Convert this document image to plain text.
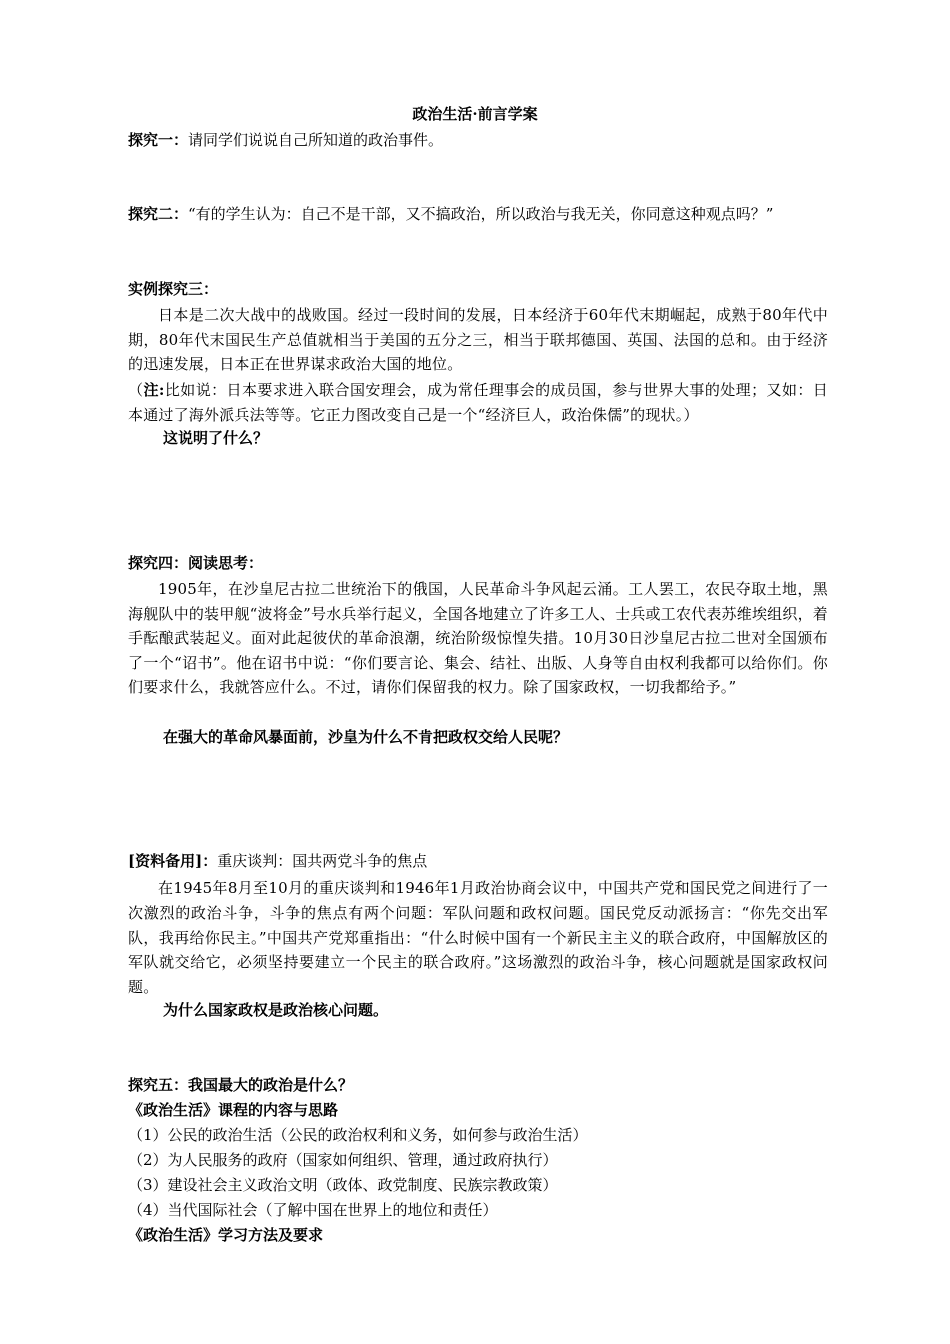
政治生活·前言学案
探究一：请同学们说说自己所知道的政治事件。
探究二：“有的学生认为：自己不是干部，又不搞政治，所以政治与我无关，你同意这种观点吗？”
实例探究三：
日本是二次大战中的战败国。经过一段时间的发展，日本经济于60年代末期崛起，成熟于80年代中期，80年代末国民生产总值就相当于美国的五分之三，相当于联邦德国、英国、法国的总和。由于经济的迅速发展，日本正在世界谋求政治大国的地位。
（注:比如说：日本要求进入联合国安理会，成为常任理事会的成员国，参与世界大事的处理；又如：日本通过了海外派兵法等等。它正力图改变自己是一个“经济巨人，政治侏儒”的现状。）
这说明了什么？
探究四：阅读思考：
1905年，在沙皇尼古拉二世统治下的俄国，人民革命斗争风起云涌。工人罢工，农民夺取土地，黑海舰队中的装甲舰“波将金”号水兵举行起义，全国各地建立了许多工人、士兵或工农代表苏维埃组织，着手酝酿武装起义。面对此起彼伏的革命浪潮，统治阶级惊惶失措。10月30日沙皇尼古拉二世对全国颁布了一个“诏书”。他在诏书中说：“你们要言论、集会、结社、出版、人身等自由权利我都可以给你们。你们要求什么，我就答应什么。不过，请你们保留我的权力。除了国家政权，一切我都给予。”
在强大的革命风暴面前，沙皇为什么不肯把政权交给人民呢？
[资料备用]：重庆谈判：国共两党斗争的焦点
在1945年8月至10月的重庆谈判和1946年1月政治协商会议中，中国共产党和国民党之间进行了一次激烈的政治斗争，斗争的焦点有两个问题：军队问题和政权问题。国民党反动派扬言：“你先交出军队，我再给你民主。”中国共产党郑重指出：“什么时候中国有一个新民主主义的联合政府，中国解放区的军队就交给它，必须坚持要建立一个民主的联合政府。”这场激烈的政治斗争，核心问题就是国家政权问题。
为什么国家政权是政治核心问题。
探究五：我国最大的政治是什么？
《政治生活》课程的内容与思路
（1）公民的政治生活（公民的政治权利和义务，如何参与政治生活）
（2）为人民服务的政府（国家如何组织、管理，通过政府执行）
（3）建设社会主义政治文明（政体、政党制度、民族宗教政策）
（4）当代国际社会（了解中国在世界上的地位和责任）
《政治生活》学习方法及要求
